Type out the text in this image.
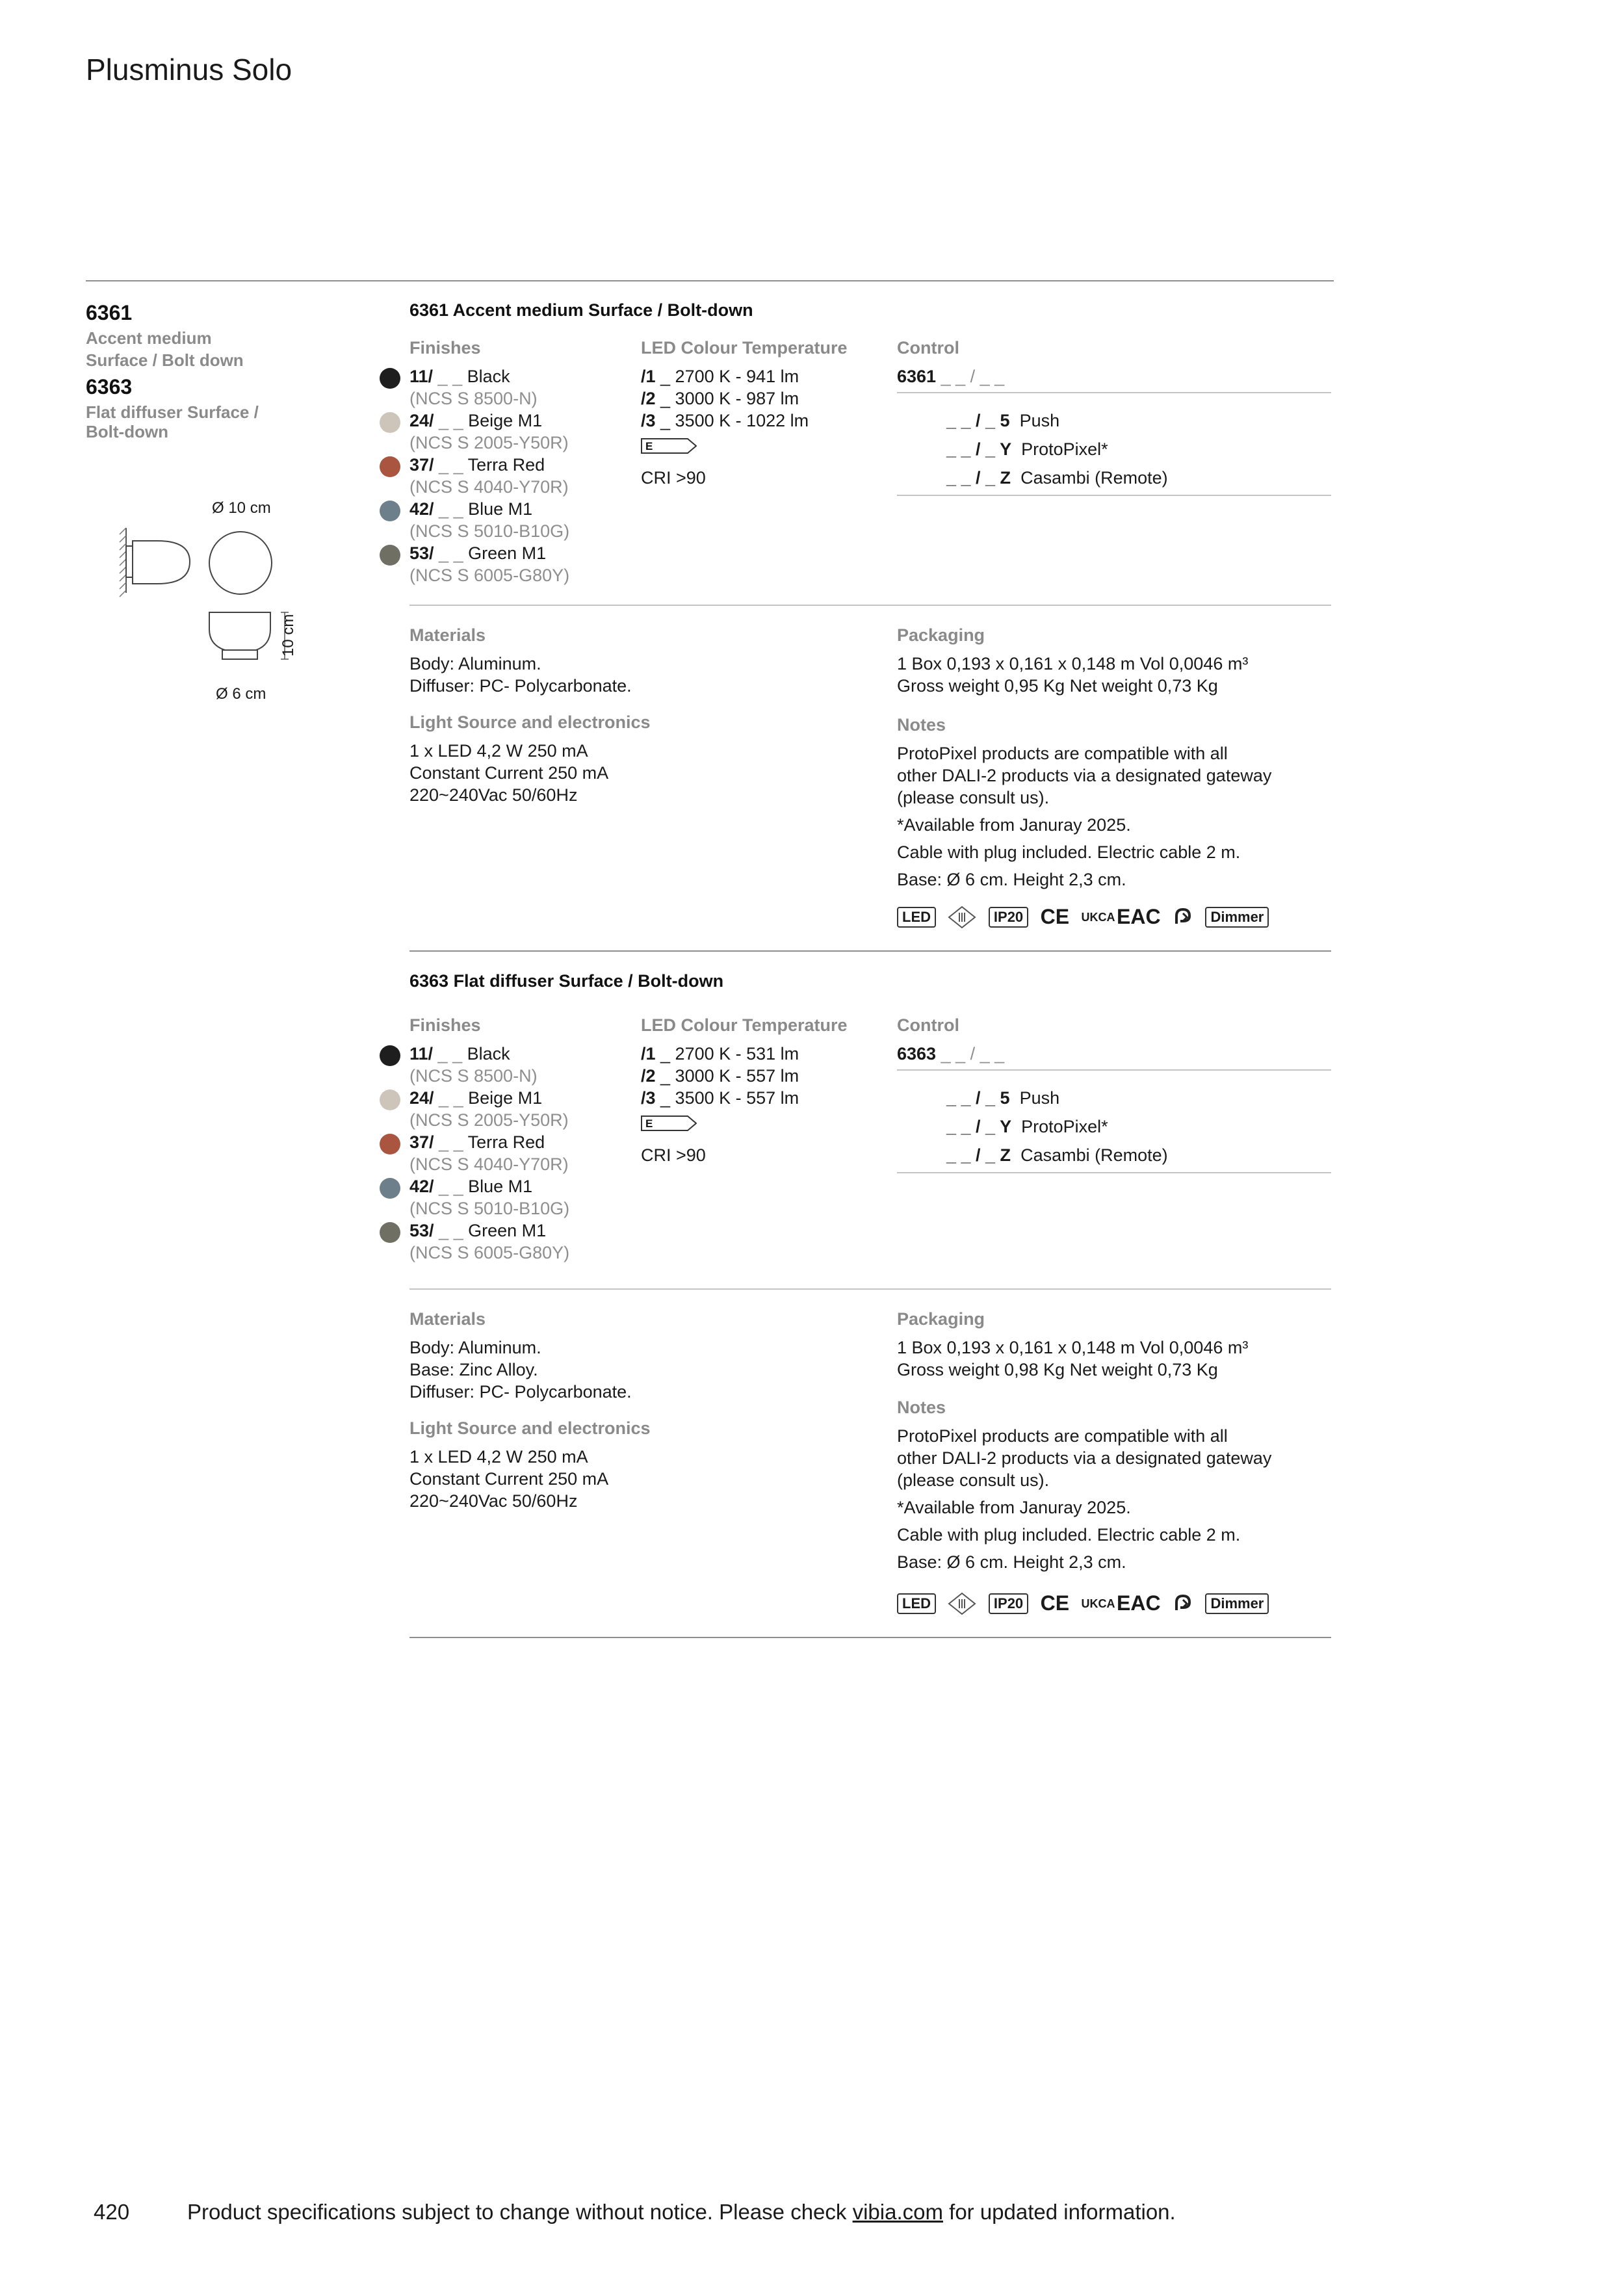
Plusminus Solo
6361
Accent medium
Surface / Bolt down
6363
Flat diffuser Surface /
Bolt-down
Ø 10 cm
10 cm
Ø 6 cm
6361 Accent medium Surface / Bolt-down
Finishes
11/ _ _ Black
(NCS S 8500-N)
24/ _ _ Beige M1
(NCS S 2005-Y50R)
37/ _ _ Terra Red
(NCS S 4040-Y70R)
42/ _ _ Blue M1
(NCS S 5010-B10G)
53/ _ _ Green M1
(NCS S 6005-G80Y)
LED Colour Temperature
/1 _ 2700 K - 941 lm
/2 _ 3000 K - 987 lm
/3 _ 3500 K - 1022 lm
E
CRI >90
Control
6361 _ _ / _ _
_ _ / _ 5 Push
_ _ / _ Y ProtoPixel*
_ _ / _ Z Casambi (Remote)
Materials
Body: Aluminum.
Diffuser: PC- Polycarbonate.
Light Source and electronics
1 x LED 4,2 W 250 mA
Constant Current 250 mA
220~240Vac 50/60Hz
Packaging
1 Box 0,193 x 0,161 x 0,148 m Vol 0,0046 m³
Gross weight 0,95 Kg Net weight 0,73 Kg
Notes
ProtoPixel products are compatible with all
other DALI-2 products via a designated gateway
(please consult us).
*Available from Januray 2025.
Cable with plug included. Electric cable 2 m.
Base: Ø 6 cm. Height 2,3 cm.
LED	IP20 CE UKCA EAC	Dimmer
6363 Flat diffuser Surface / Bolt-down
Finishes
11/ _ _ Black
(NCS S 8500-N)
24/ _ _ Beige M1
(NCS S 2005-Y50R)
37/ _ _ Terra Red
(NCS S 4040-Y70R)
42/ _ _ Blue M1
(NCS S 5010-B10G)
53/ _ _ Green M1
(NCS S 6005-G80Y)
LED Colour Temperature
/1 _ 2700 K - 531 lm
/2 _ 3000 K - 557 lm
/3 _ 3500 K - 557 lm
E
CRI >90
Control
6363 _ _ / _ _
_ _ / _ 5 Push
_ _ / _ Y ProtoPixel*
_ _ / _ Z Casambi (Remote)
Materials
Body: Aluminum.
Base: Zinc Alloy.
Diffuser: PC- Polycarbonate.
Light Source and electronics
1 x LED 4,2 W 250 mA
Constant Current 250 mA
220~240Vac 50/60Hz
Packaging
1 Box 0,193 x 0,161 x 0,148 m Vol 0,0046 m³
Gross weight 0,98 Kg Net weight 0,73 Kg
Notes
ProtoPixel products are compatible with all
other DALI-2 products via a designated gateway
(please consult us).
*Available from Januray 2025.
Cable with plug included. Electric cable 2 m.
Base: Ø 6 cm. Height 2,3 cm.
LED	IP20 CE UKCA EAC	Dimmer
420	Product specifications subject to change without notice. Please check vibia.com for updated information.
